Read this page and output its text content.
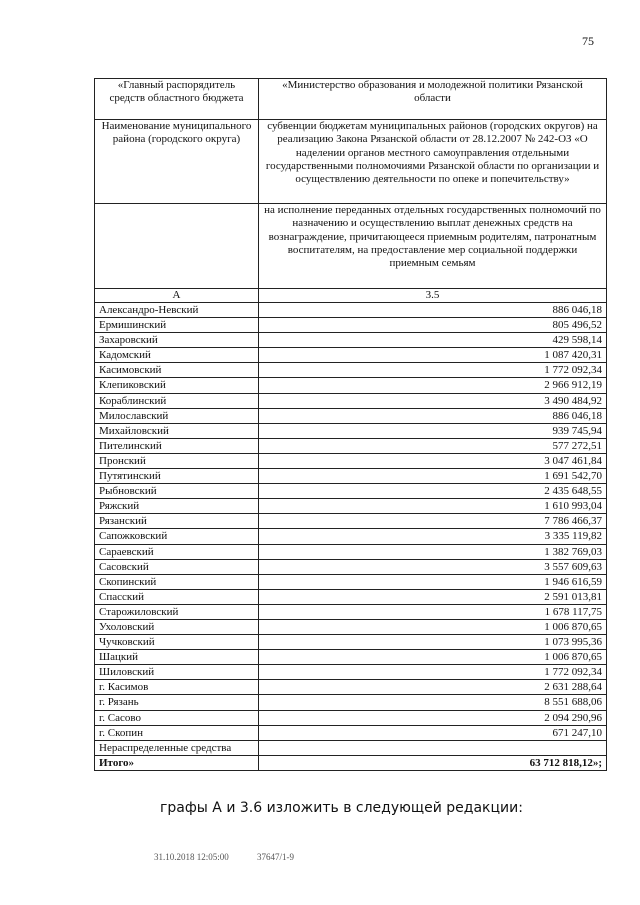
75
«Главный распорядитель средств областного бюджета	«Министерство образования и молодежной политики Рязанской области
Наименование муниципального района (городского округа)	субвенции бюджетам муниципальных районов (городских округов) на реализацию Закона Рязанской области от 28.12.2007 № 242-ОЗ «О наделении органов местного самоуправления отдельными государственными полномочиями Рязанской области по организации и осуществлению деятельности по опеке и попечительству»
	на исполнение переданных отдельных государственных полномочий по назначению и осуществлению выплат денежных средств на вознаграждение, причитающееся приемным родителям, патронатным воспитателям, на предоставление мер социальной поддержки приемным семьям
А	3.5
Александро-Невский	886 046,18
Ермишинский	805 496,52
Захаровский	429 598,14
Кадомский	1 087 420,31
Касимовский	1 772 092,34
Клепиковский	2 966 912,19
Кораблинский	3 490 484,92
Милославский	886 046,18
Михайловский	939 745,94
Пителинский	577 272,51
Пронский	3 047 461,84
Путятинский	1 691 542,70
Рыбновский	2 435 648,55
Ряжский	1 610 993,04
Рязанский	7 786 466,37
Сапожковский	3 335 119,82
Сараевский	1 382 769,03
Сасовский	3 557 609,63
Скопинский	1 946 616,59
Спасский	2 591 013,81
Старожиловский	1 678 117,75
Ухоловский	1 006 870,65
Чучковский	1 073 995,36
Шацкий	1 006 870,65
Шиловский	1 772 092,34
г. Касимов	2 631 288,64
г. Рязань	8 551 688,06
г. Сасово	2 094 290,96
г. Скопин	671 247,10
Нераспределенные средства	
Итого»	63 712 818,12»;
графы А и 3.6 изложить в следующей редакции:
31.10.2018 12:05:00	37647/1-9
